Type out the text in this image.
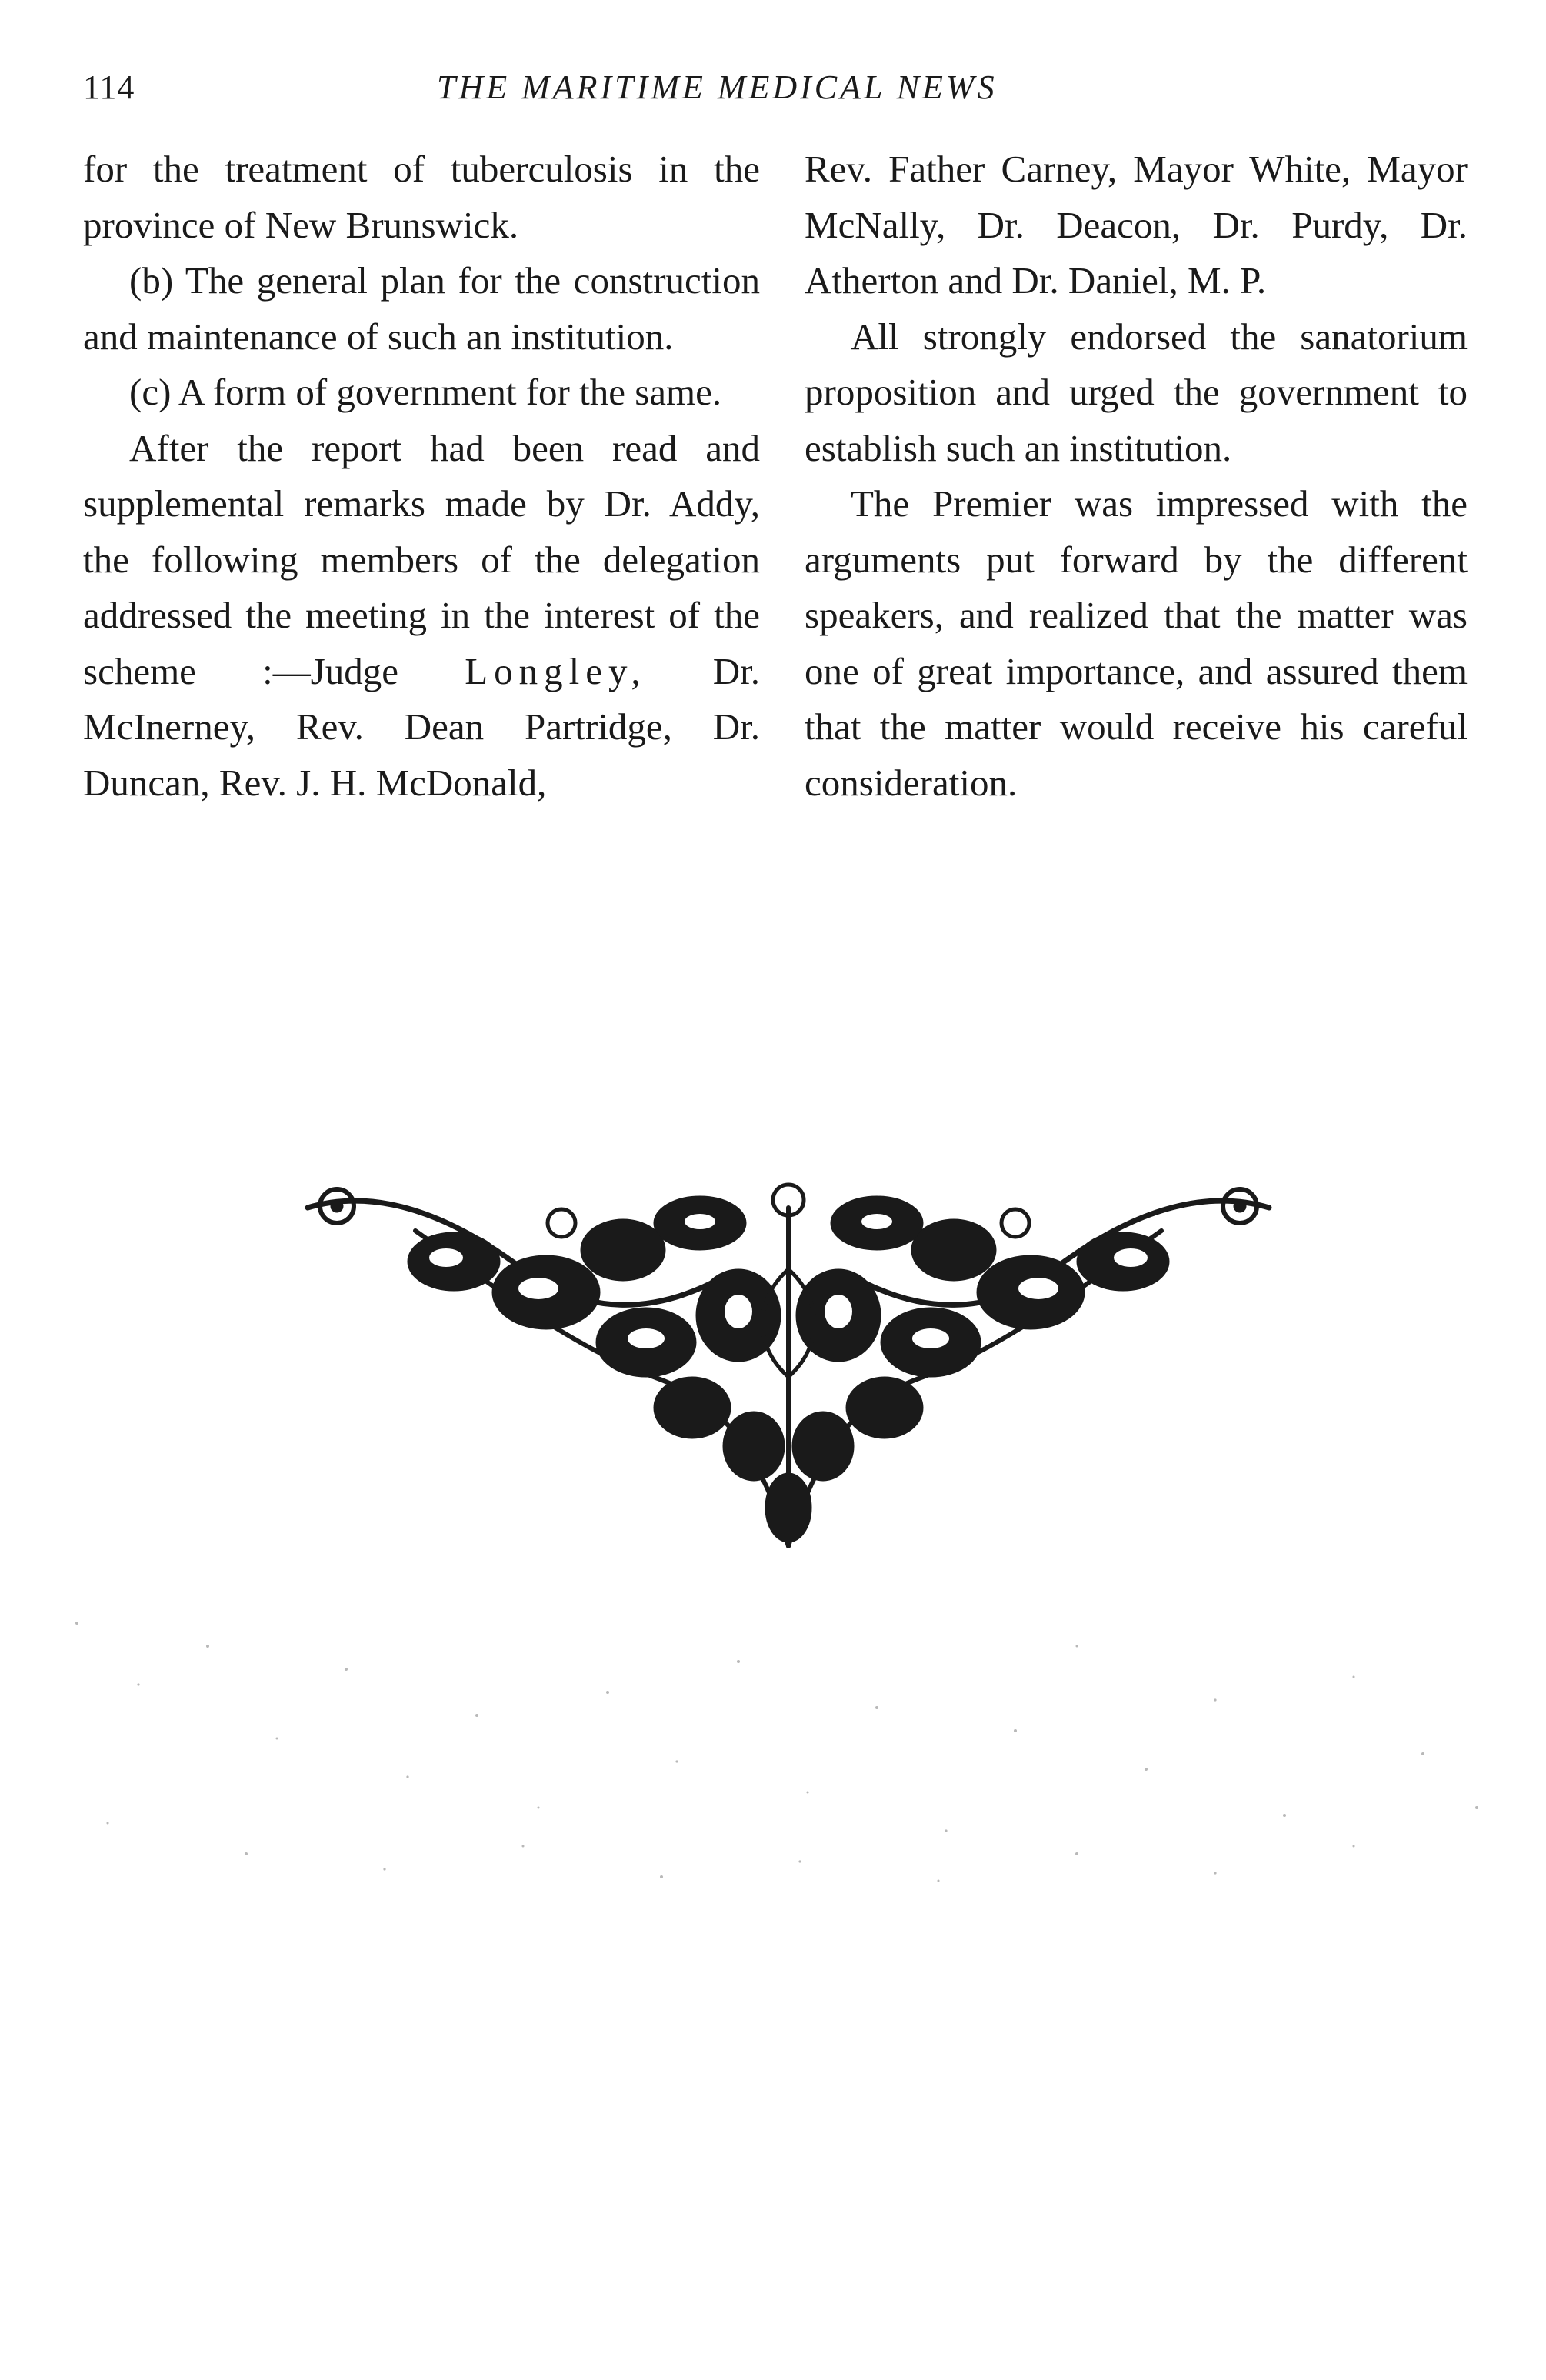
114	THE MARITIME MEDICAL NEWS

for the treatment of tuberculosis in the province of New Brunswick.

(b) The general plan for the construction and maintenance of such an institution.

(c) A form of government for the same.

After the report had been read and supplemental remarks made by Dr. Addy, the following members of the delegation addressed the meeting in the interest of the scheme :—Judge Longley, Dr. McInerney, Rev. Dean Partridge, Dr. Duncan, Rev. J. H. McDonald,

Rev. Father Carney, Mayor White, Mayor McNally, Dr. Deacon, Dr. Purdy, Dr. Atherton and Dr. Daniel, M. P.

All strongly endorsed the sanatorium proposition and urged the government to establish such an institution.

The Premier was impressed with the arguments put forward by the different speakers, and realized that the matter was one of great importance, and assured them that the matter would receive his careful consideration.
